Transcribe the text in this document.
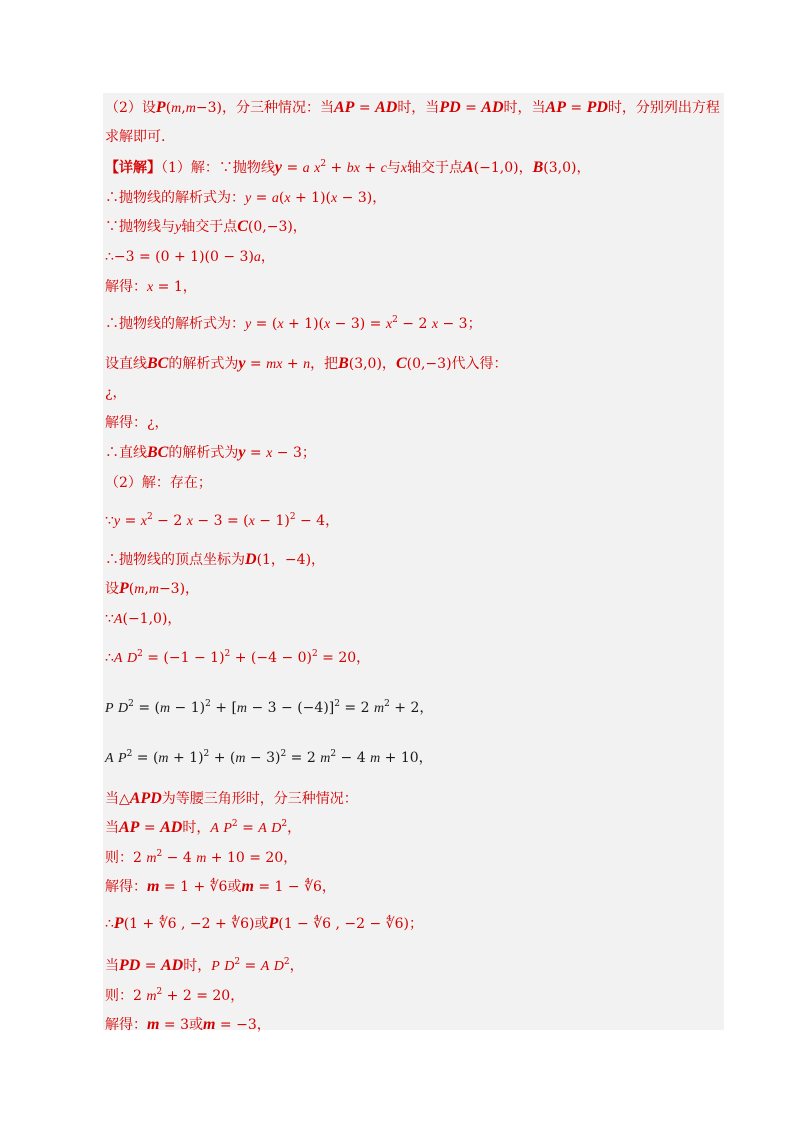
（2）设P(m,m−3)，分三种情况：当AP = AD时，当PD = AD时，当AP = PD时，分别列出方程
求解即可.
【详解】（1）解：∵抛物线y = a $x^2$ + bx + c与x轴交于点A(−1,0)，B(3,0)，
∴抛物线的解析式为：y = a(x + 1)(x − 3)，
∵抛物线与y轴交于点C(0,−3)，
∴−3 = (0 + 1)(0 − 3)a，
解得：x = 1，
∴抛物线的解析式为：$y = (x + 1)(x - 3) = x^2 - 2$ x − 3；
设直线BC的解析式为y = mx + n，把B(3,0)，C(0,−3)代入得：
¿，
解得：¿，
∴直线BC的解析式为y = x − 3；
（2）解：存在；
∵y = $x^2 - 2$ $x - 3 = (x - 1)^2 - 4$，
∴抛物线的顶点坐标为D(1，−4)，
设P(m,m−3)，
∵A(−1,0)，
∴A $D^2 = (-1 - 1)^2 + (-4 - 0)^2 = 20$，
P $D^2 = (m - 1)^2 + [m - 3 - (-4)]^2 = 2$ $m^2 + 2$，
A $P^2 = (m + 1)^2 + (m - 3)^2 = 2$ $m^2 - 4$ m + 10，
当△APD为等腰三角形时，分三种情况：
当AP = AD时，A $P^2 = A$ $D^2$，
则：2 $m^2 - 4$ m + 10 = 20，
解得：m = 1 + ∜6或m = 1 − ∜6，
∴P(1 + ∜6 , −2 + ∜6)或P(1 − ∜6 , −2 − ∜6)；
当PD = AD时，P $D^2 = A$ $D^2$，
则：2 $m^2 + 2 = 20$，
解得：m = 3或m = −3，
